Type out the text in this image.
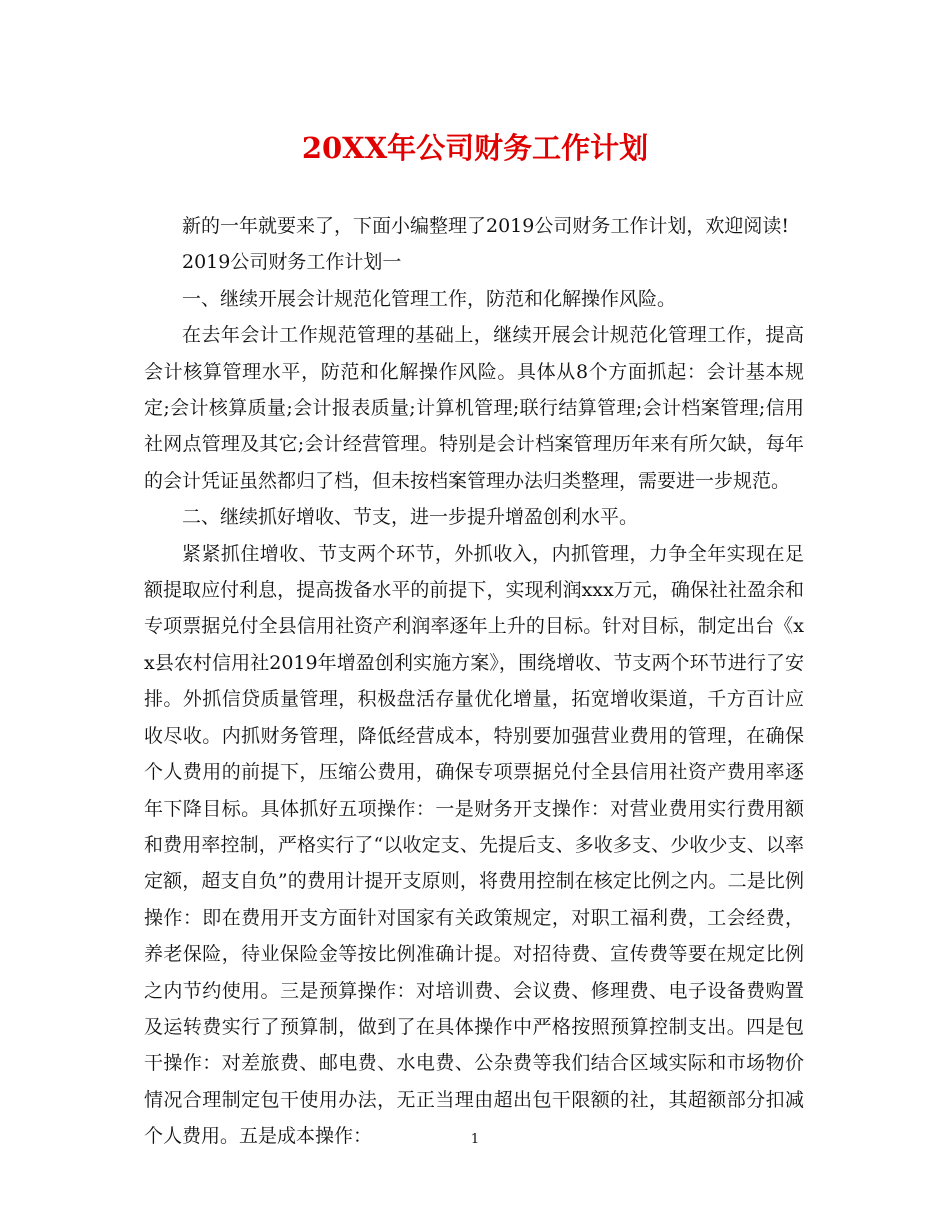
20XX年公司财务工作计划

新的一年就要来了，下面小编整理了2019公司财务工作计划，欢迎阅读!

2019公司财务工作计划一

一、继续开展会计规范化管理工作，防范和化解操作风险。

在去年会计工作规范管理的基础上，继续开展会计规范化管理工作，提高会计核算管理水平，防范和化解操作风险。具体从8个方面抓起：会计基本规定;会计核算质量;会计报表质量;计算机管理;联行结算管理;会计档案管理;信用社网点管理及其它;会计经营管理。特别是会计档案管理历年来有所欠缺，每年的会计凭证虽然都归了档，但未按档案管理办法归类整理，需要进一步规范。

二、继续抓好增收、节支，进一步提升增盈创利水平。

紧紧抓住增收、节支两个环节，外抓收入，内抓管理，力争全年实现在足额提取应付利息，提高拨备水平的前提下，实现利润xxx万元，确保社社盈余和专项票据兑付全县信用社资产利润率逐年上升的目标。针对目标，制定出台《xx县农村信用社2019年增盈创利实施方案》，围绕增收、节支两个环节进行了安排。外抓信贷质量管理，积极盘活存量优化增量，拓宽增收渠道，千方百计应收尽收。内抓财务管理，降低经营成本，特别要加强营业费用的管理，在确保个人费用的前提下，压缩公费用，确保专项票据兑付全县信用社资产费用率逐年下降目标。具体抓好五项操作：一是财务开支操作：对营业费用实行费用额和费用率控制，严格实行了“以收定支、先提后支、多收多支、少收少支、以率定额，超支自负”的费用计提开支原则，将费用控制在核定比例之内。二是比例操作：即在费用开支方面针对国家有关政策规定，对职工福利费，工会经费，养老保险，待业保险金等按比例准确计提。对招待费、宣传费等要在规定比例之内节约使用。三是预算操作：对培训费、会议费、修理费、电子设备费购置及运转费实行了预算制，做到了在具体操作中严格按照预算控制支出。四是包干操作：对差旅费、邮电费、水电费、公杂费等我们结合区域实际和市场物价情况合理制定包干使用办法，无正当理由超出包干限额的社，其超额部分扣减个人费用。五是成本操作：	1
